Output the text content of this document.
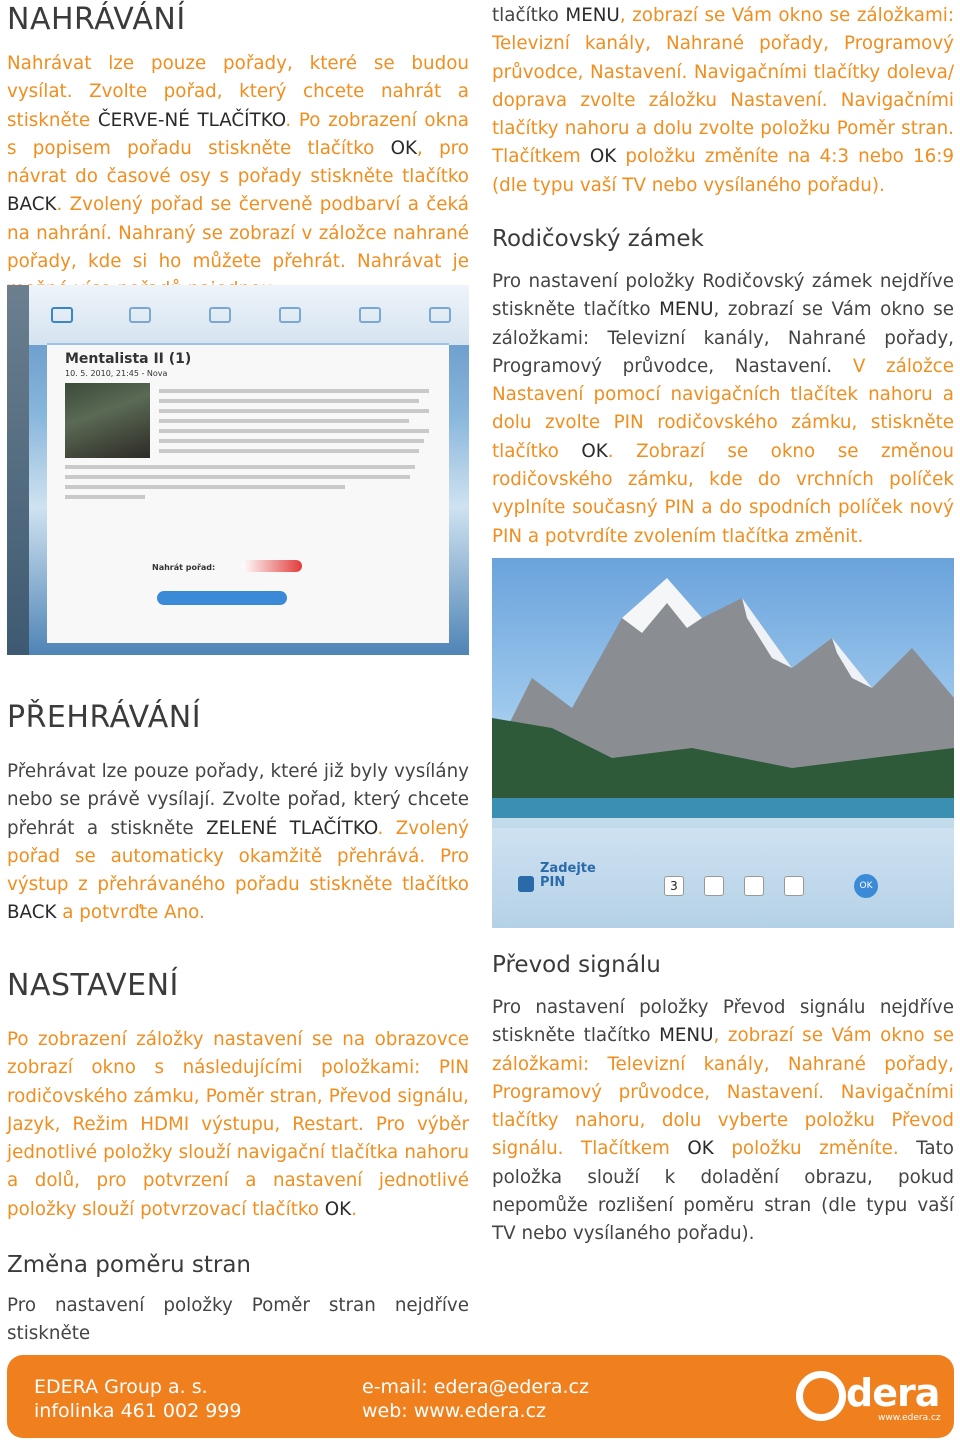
NAHRÁVÁNÍ

Nahrávat lze pouze pořady, které se budou vysílat. Zvolte pořad, který chcete nahrát a stiskněte ČERVE-NÉ TLAČÍTKO. Po zobrazení okna s popisem pořadu stiskněte tlačítko OK, pro návrat do časové osy s pořady stiskněte tlačítko BACK. Zvolený pořad se červeně podbarví a čeká na nahrání. Nahraný se zobrazí v záložce nahrané pořady, kde si ho můžete přehrát. Nahrávat je

Mentalista II (1)
10. 5. 2010, 21:45 - Nova
Nahrát pořad:
PŘEHRÁVÁNÍ

Přehrávat lze pouze pořady, které již byly vysílány nebo se právě vysílají. Zvolte pořad, který chcete přehrát a stiskněte ZELENÉ TLAČÍTKO. Zvolený pořad se automaticky okamžitě přehrává. Pro výstup z přehrávaného pořadu stiskněte tlačítko BACK a potvrďte Ano.

NASTAVENÍ

Po zobrazení záložky nastavení se na obrazovce zobrazí okno s následujícími položkami: PIN rodičovského zámku, Poměr stran, Převod signálu, Jazyk, Režim HDMI výstupu, Restart. Pro výběr jednotlivé položky slouží navigační tlačítka nahoru a dolů, pro potvrzení a nastavení jednotlivé položky slouží potvrzovací tlačítko OK.

Změna poměru stran

Pro nastavení položky Poměr stran nejdříve stiskněte

tlačítko MENU, zobrazí se Vám okno se záložkami: Televizní kanály, Nahrané pořady, Programový průvodce, Nastavení. Navigačními tlačítky doleva/ doprava zvolte záložku Nastavení. Navigačními tlačítky nahoru a dolu zvolte položku Poměr stran. Tlačítkem OK položku změníte na 4:3 nebo 16:9 (dle typu vaší TV nebo vysílaného pořadu).

Rodičovský zámek

Pro nastavení položky Rodičovský zámek nejdříve stiskněte tlačítko MENU, zobrazí se Vám okno se záložkami: Televizní kanály, Nahrané pořady, Programový průvodce, Nastavení. V záložce Nastavení pomocí navigačních tlačítek nahoru a dolu zvolte PIN rodičovského zámku, stiskněte tlačítko OK. Zobrazí se okno se změnou rodičovského zámku, kde do vrchních políček vyplníte současný PIN a do spodních políček nový PIN a potvrdíte zvolením tlačítka změnit.

Zadejte
PIN	3	OK
Převod signálu

Pro nastavení položky Převod signálu nejdříve stiskněte tlačítko MENU, zobrazí se Vám okno se záložkami: Televizní kanály, Nahrané pořady, Programový průvodce, Nastavení. Navigačními tlačítky nahoru, dolu vyberte položku Převod signálu. Tlačítkem OK položku změníte. Tato položka slouží k doladění obrazu, pokud nepomůže rozlišení poměru stran (dle typu vaší TV nebo vysílaného pořadu).

EDERA Group a. s.
infolinka 461 002 999
e-mail: edera@edera.cz
web: www.edera.cz	dera
www.edera.cz
